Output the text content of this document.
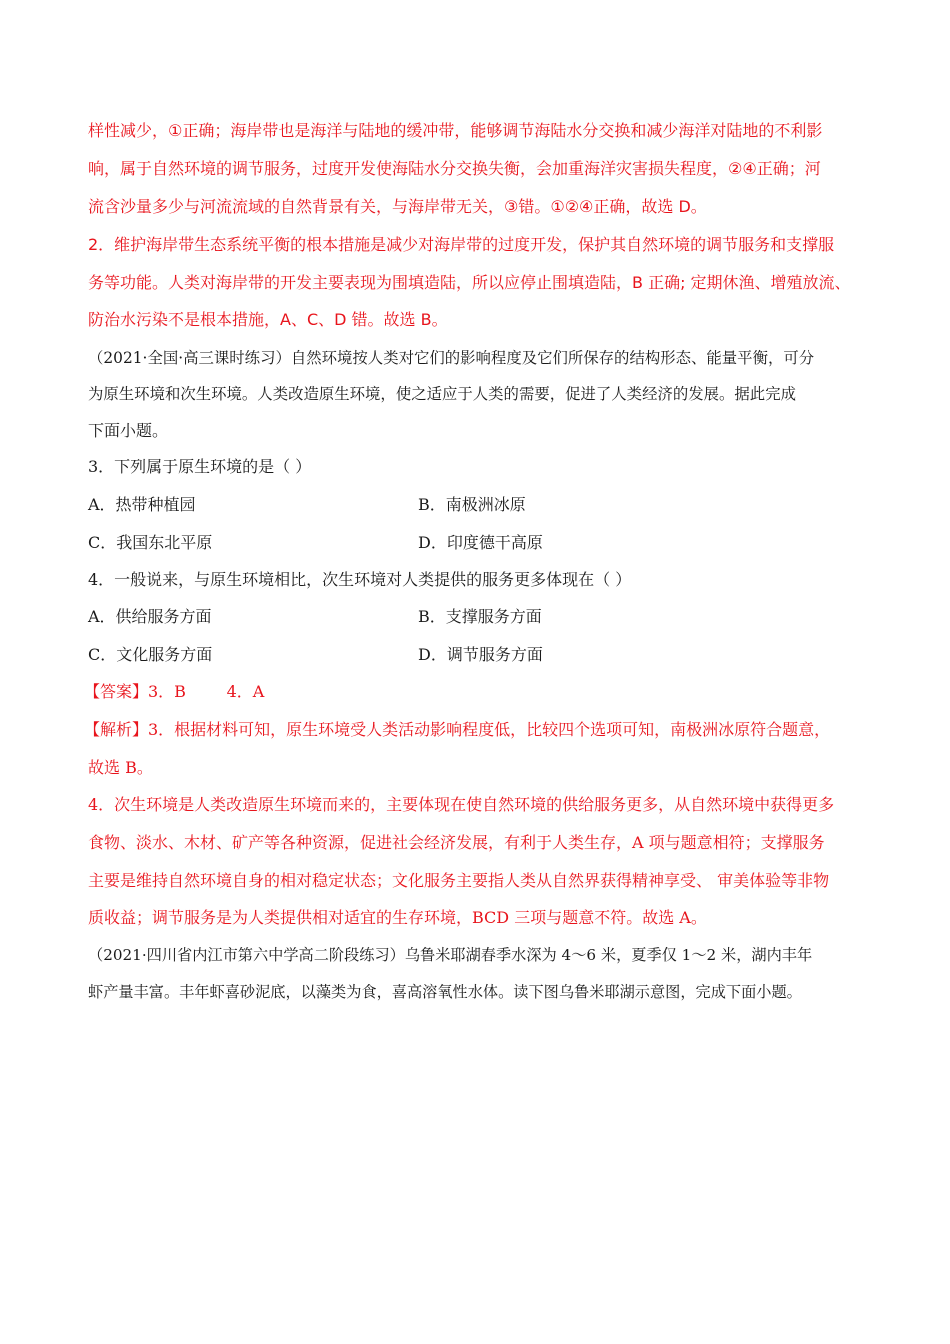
样性减少，①正确；海岸带也是海洋与陆地的缓冲带，能够调节海陆水分交换和减少海洋对陆地的不利影
响，属于自然环境的调节服务，过度开发使海陆水分交换失衡，会加重海洋灾害损失程度，②④正确；河
流含沙量多少与河流流域的自然背景有关，与海岸带无关，③错。①②④正确，故选 D。
2．维护海岸带生态系统平衡的根本措施是减少对海岸带的过度开发，保护其自然环境的调节服务和支撑服
务等功能。人类对海岸带的开发主要表现为围填造陆，所以应停止围填造陆，B 正确; 定期休渔、增殖放流、
防治水污染不是根本措施，A、C、D 错。故选 B。
（2021·全国·高三课时练习）自然环境按人类对它们的影响程度及它们所保存的结构形态、能量平衡，可分
为原生环境和次生环境。人类改造原生环境，使之适应于人类的需要，促进了人类经济的发展。据此完成
下面小题。
3．下列属于原生环境的是（ ）
A．热带种植园	B．南极洲冰原
C．我国东北平原	D．印度德干高原
4．一般说来，与原生环境相比，次生环境对人类提供的服务更多体现在（ ）
A．供给服务方面	B．支撑服务方面
C．文化服务方面	D．调节服务方面
【答案】3．B        4．A
【解析】3．根据材料可知，原生环境受人类活动影响程度低，比较四个选项可知，南极洲冰原符合题意，
故选 B。
4．次生环境是人类改造原生环境而来的，主要体现在使自然环境的供给服务更多，从自然环境中获得更多
食物、淡水、木材、矿产等各种资源，促进社会经济发展，有利于人类生存，A 项与题意相符；支撑服务
主要是维持自然环境自身的相对稳定状态；文化服务主要指人类从自然界获得精神享受、 审美体验等非物
质收益；调节服务是为人类提供相对适宜的生存环境，BCD 三项与题意不符。故选 A。
（2021·四川省内江市第六中学高二阶段练习）乌鲁米耶湖春季水深为 4～6 米，夏季仅 1～2 米，湖内丰年
虾产量丰富。丰年虾喜砂泥底，以藻类为食，喜高溶氧性水体。读下图乌鲁米耶湖示意图，完成下面小题。
